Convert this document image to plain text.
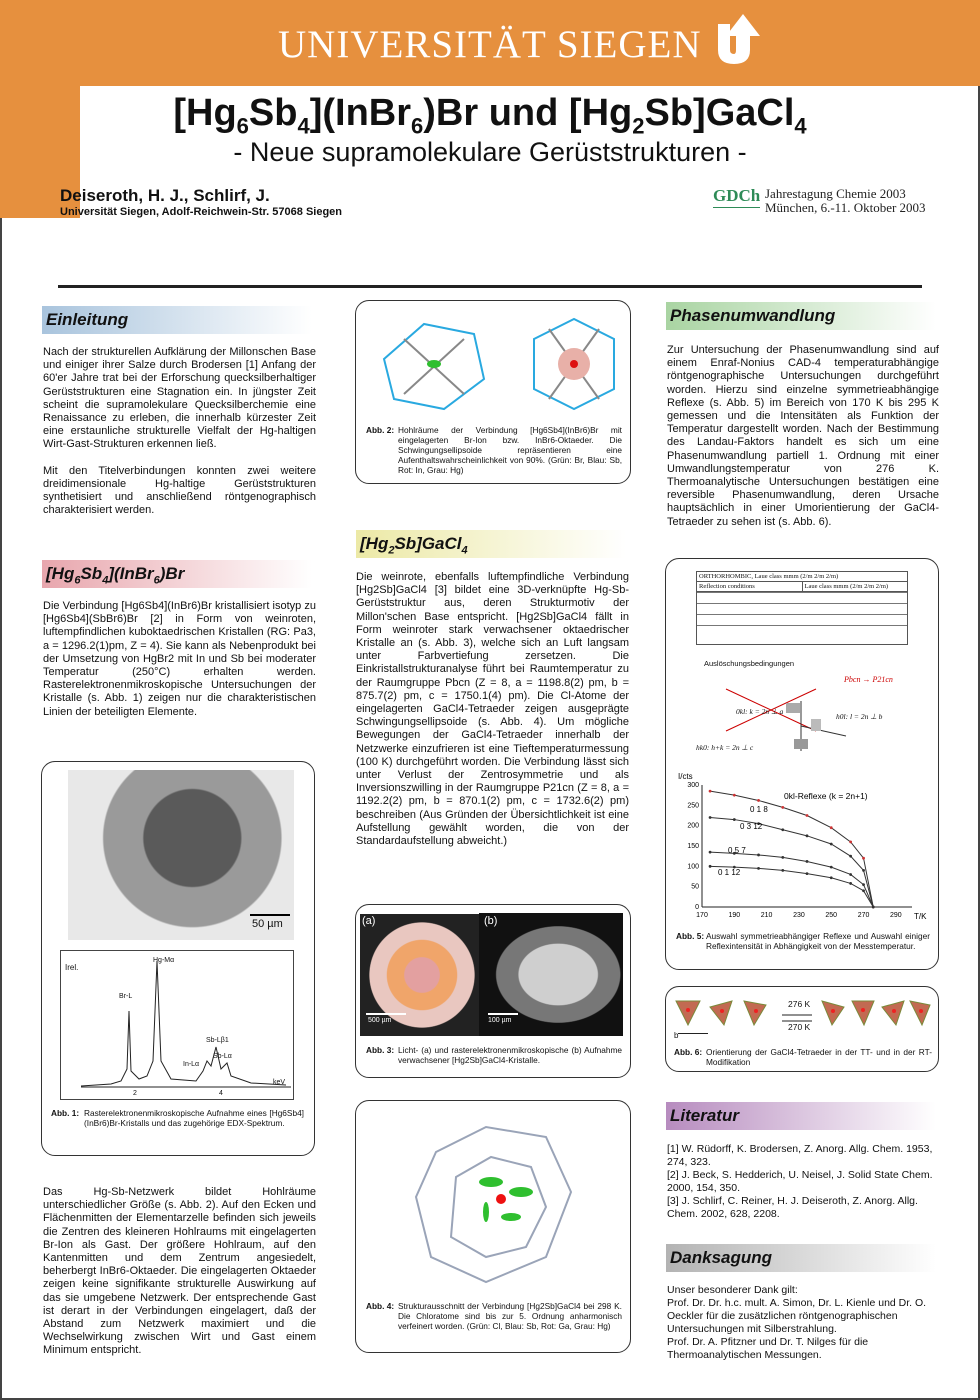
UNIVERSITÄT SIEGEN
$[Hg_6Sb_4](InBr_6)Br$ und $[Hg_2Sb]GaCl_4$
- Neue supramolekulare Gerüststrukturen -
Deiseroth, H. J., Schlirf, J.
Universität Siegen, Adolf-Reichwein-Str. 57068 Siegen
GDCh Jahrestagung Chemie 2003
München, 6.-11. Oktober 2003
Einleitung

Nach der strukturellen Aufklärung der Millonschen Base und einiger ihrer Salze durch Brodersen [1] Anfang der 60'er Jahre trat bei der Erforschung quecksilberhaltiger Gerüststrukturen eine Stagnation ein. In jüngster Zeit scheint die supramolekulare Quecksilberchemie eine Renaissance zu erleben, die innerhalb kürzester Zeit eine erstaunliche strukturelle Vielfalt der Hg-haltigen Wirt-Gast-Strukturen erkennen ließ.

Mit den Titelverbindungen konnten zwei weitere dreidimensionale Hg-haltige Gerüststrukturen synthetisiert und anschließend röntgenographisch charakterisiert werden.

$[Hg_6Sb_4](InBr_6)Br$
Die Verbindung [Hg6Sb4](InBr6)Br kristallisiert isotyp zu [Hg6Sb4](SbBr6)Br [2] in Form von weinroten, luftempfindlichen kuboktaedrischen Kristallen (RG: Pa3, a = 1296.2(1)pm, Z = 4). Sie kann als Nebenprodukt bei der Umsetzung von HgBr2 mit In und Sb bei moderater Temperatur (250°C) erhalten werden. Rasterelektronenmikroskopische Untersuchungen der Kristalle (s. Abb. 1) zeigen nur die charakteristischen Linien der beteiligten Elemente.
50 µm
Irel.
Hg-Mα
Br-L
Sb-Lβ1
Sb-Lα
In-Lα
2	4
keV
Abb. 1: Rasterelektronenmikroskopische Aufnahme eines [Hg6Sb4](InBr6)Br-Kristalls und das zugehörige EDX-Spektrum.
Das Hg-Sb-Netzwerk bildet Hohlräume unterschiedlicher Größe (s. Abb. 2). Auf den Ecken und Flächenmitten der Elementarzelle befinden sich jeweils die Zentren des kleineren Hohlraums mit eingelagerten Br-Ion als Gast. Der größere Hohlraum, auf den Kantenmitten und dem Zentrum angesiedelt, beherbergt InBr6-Oktaeder. Die eingelagerten Oktaeder zeigen keine signifikante strukturelle Auswirkung auf das sie umgebene Netzwerk. Der entsprechende Gast ist derart in der Verbindungen eingelagert, daß der Abstand zum Netzwerk maximiert und die Wechselwirkung zwischen Wirt und Gast einem Minimum entspricht.
Abb. 2: Hohlräume der Verbindung [Hg6Sb4](InBr6)Br mit eingelagerten Br-Ion bzw. InBr6-Oktaeder. Die Schwingungsellipsoide repräsentieren eine Aufenthaltswahrscheinlichkeit von 90%. (Grün: Br, Blau: Sb, Rot: In, Grau: Hg)
$[Hg_2Sb]GaCl_4$
Die weinrote, ebenfalls luftempfindliche Verbindung [Hg2Sb]GaCl4 [3] bildet eine 3D-verknüpfte Hg-Sb-Gerüststruktur aus, deren Strukturmotiv der Millon'schen Base entspricht. [Hg2Sb]GaCl4 fällt in Form weinroter stark verwachsener oktaedrischer Kristalle an (s. Abb. 3), welche sich an Luft langsam unter Farbvertiefung zersetzen. Die Einkristallstrukturanalyse führt bei Raumtemperatur zu der Raumgruppe Pbcn (Z = 8, a = 1198.8(2) pm, b = 875.7(2) pm, c = 1750.1(4) pm). Die Cl-Atome der eingelagerten GaCl4-Tetraeder zeigen ausgeprägte Schwingungsellipsoide (s. Abb. 4). Um mögliche Bewegungen der GaCl4-Tetraeder innerhalb der Netzwerke einzufrieren ist eine Tieftemperaturmessung (100 K) durchgeführt worden. Die Verbindung lässt sich unter Verlust der Zentrosymmetrie und als Inversionszwilling in der Raumgruppe P21cn (Z = 8, a = 1192.2(2) pm, b = 870.1(2) pm, c = 1732.6(2) pm) beschreiben (Aus Gründen der Übersichtlichkeit ist eine Aufstellung gewählt worden, die von der Standardaufstellung abweicht.)
(a)	(b)
500 µm	100 µm
Abb. 3: Licht- (a) und rasterelektronenmikroskopische (b) Aufnahme verwachsener [Hg2Sb]GaCl4-Kristalle.
Abb. 4: Strukturausschnitt der Verbindung [Hg2Sb]GaCl4 bei 298 K. Die Chloratome sind bis zur 5. Ordnung anharmonisch verfeinert worden. (Grün: Cl, Blau: Sb, Rot: Ga, Grau: Hg)
Phasenumwandlung
Zur Untersuchung der Phasenumwandlung sind auf einem Enraf-Nonius CAD-4 temperaturabhängige röntgenographische Untersuchungen durchgeführt worden. Hierzu sind einzelne symmetrieabhängige Reflexe (s. Abb. 5) im Bereich von 170 K bis 295 K gemessen und die Intensitäten als Funktion der Temperatur dargestellt worden. Nach der Bestimmung des Landau-Faktors handelt es sich um eine Phasenumwandlung partiell 1. Ordnung mit einer Umwandlungstemperatur von 276 K. Thermoanalytische Untersuchungen bestätigen eine reversible Phasenumwandlung, deren Ursache hauptsächlich in einer Umorientierung der GaCl4-Tetraeder zu sehen ist (s. Abb. 6).
ORTHORHOMBIC, Laue class mmm (2/m 2/m 2/m)
Reflection conditions	Laue class mmm (2/m 2/m 2/m)
Auslöschungsbedingungen
Pbcn → P21cn
0kl: k = 2n ⊥ a
h0l: l = 2n ⊥ b
hk0: h+k = 2n ⊥ c
170	190	210	230	250	270	290
0
50
100
150
200
250
300
T/K
I/cts
0kl-Reflexe (k = 2n+1)
0 1 8
0 3 12
0 5 7
0 1 12
Abb. 5: Auswahl symmetrieabhängiger Reflexe und Auswahl einiger Reflexintensität in Abhängigkeit von der Messtemperatur.
276 K
270 K
b
Abb. 6: Orientierung der GaCl4-Tetraeder in der TT- und in der RT-Modifikation
Literatur
[1] W. Rüdorff, K. Brodersen, Z. Anorg. Allg. Chem. 1953, 274, 323.
[2] J. Beck, S. Hedderich, U. Neisel, J. Solid State Chem. 2000, 154, 350.
[3] J. Schlirf, C. Reiner, H. J. Deiseroth, Z. Anorg. Allg. Chem. 2002, 628, 2208.
Danksagung
Unser besonderer Dank gilt:
Prof. Dr. Dr. h.c. mult. A. Simon, Dr. L. Kienle und Dr. O. Oeckler für die zusätzlichen röntgenographischen Untersuchungen mit Silberstrahlung.
Prof. Dr. A. Pfitzner und Dr. T. Nilges für die Thermoanalytischen Messungen.
